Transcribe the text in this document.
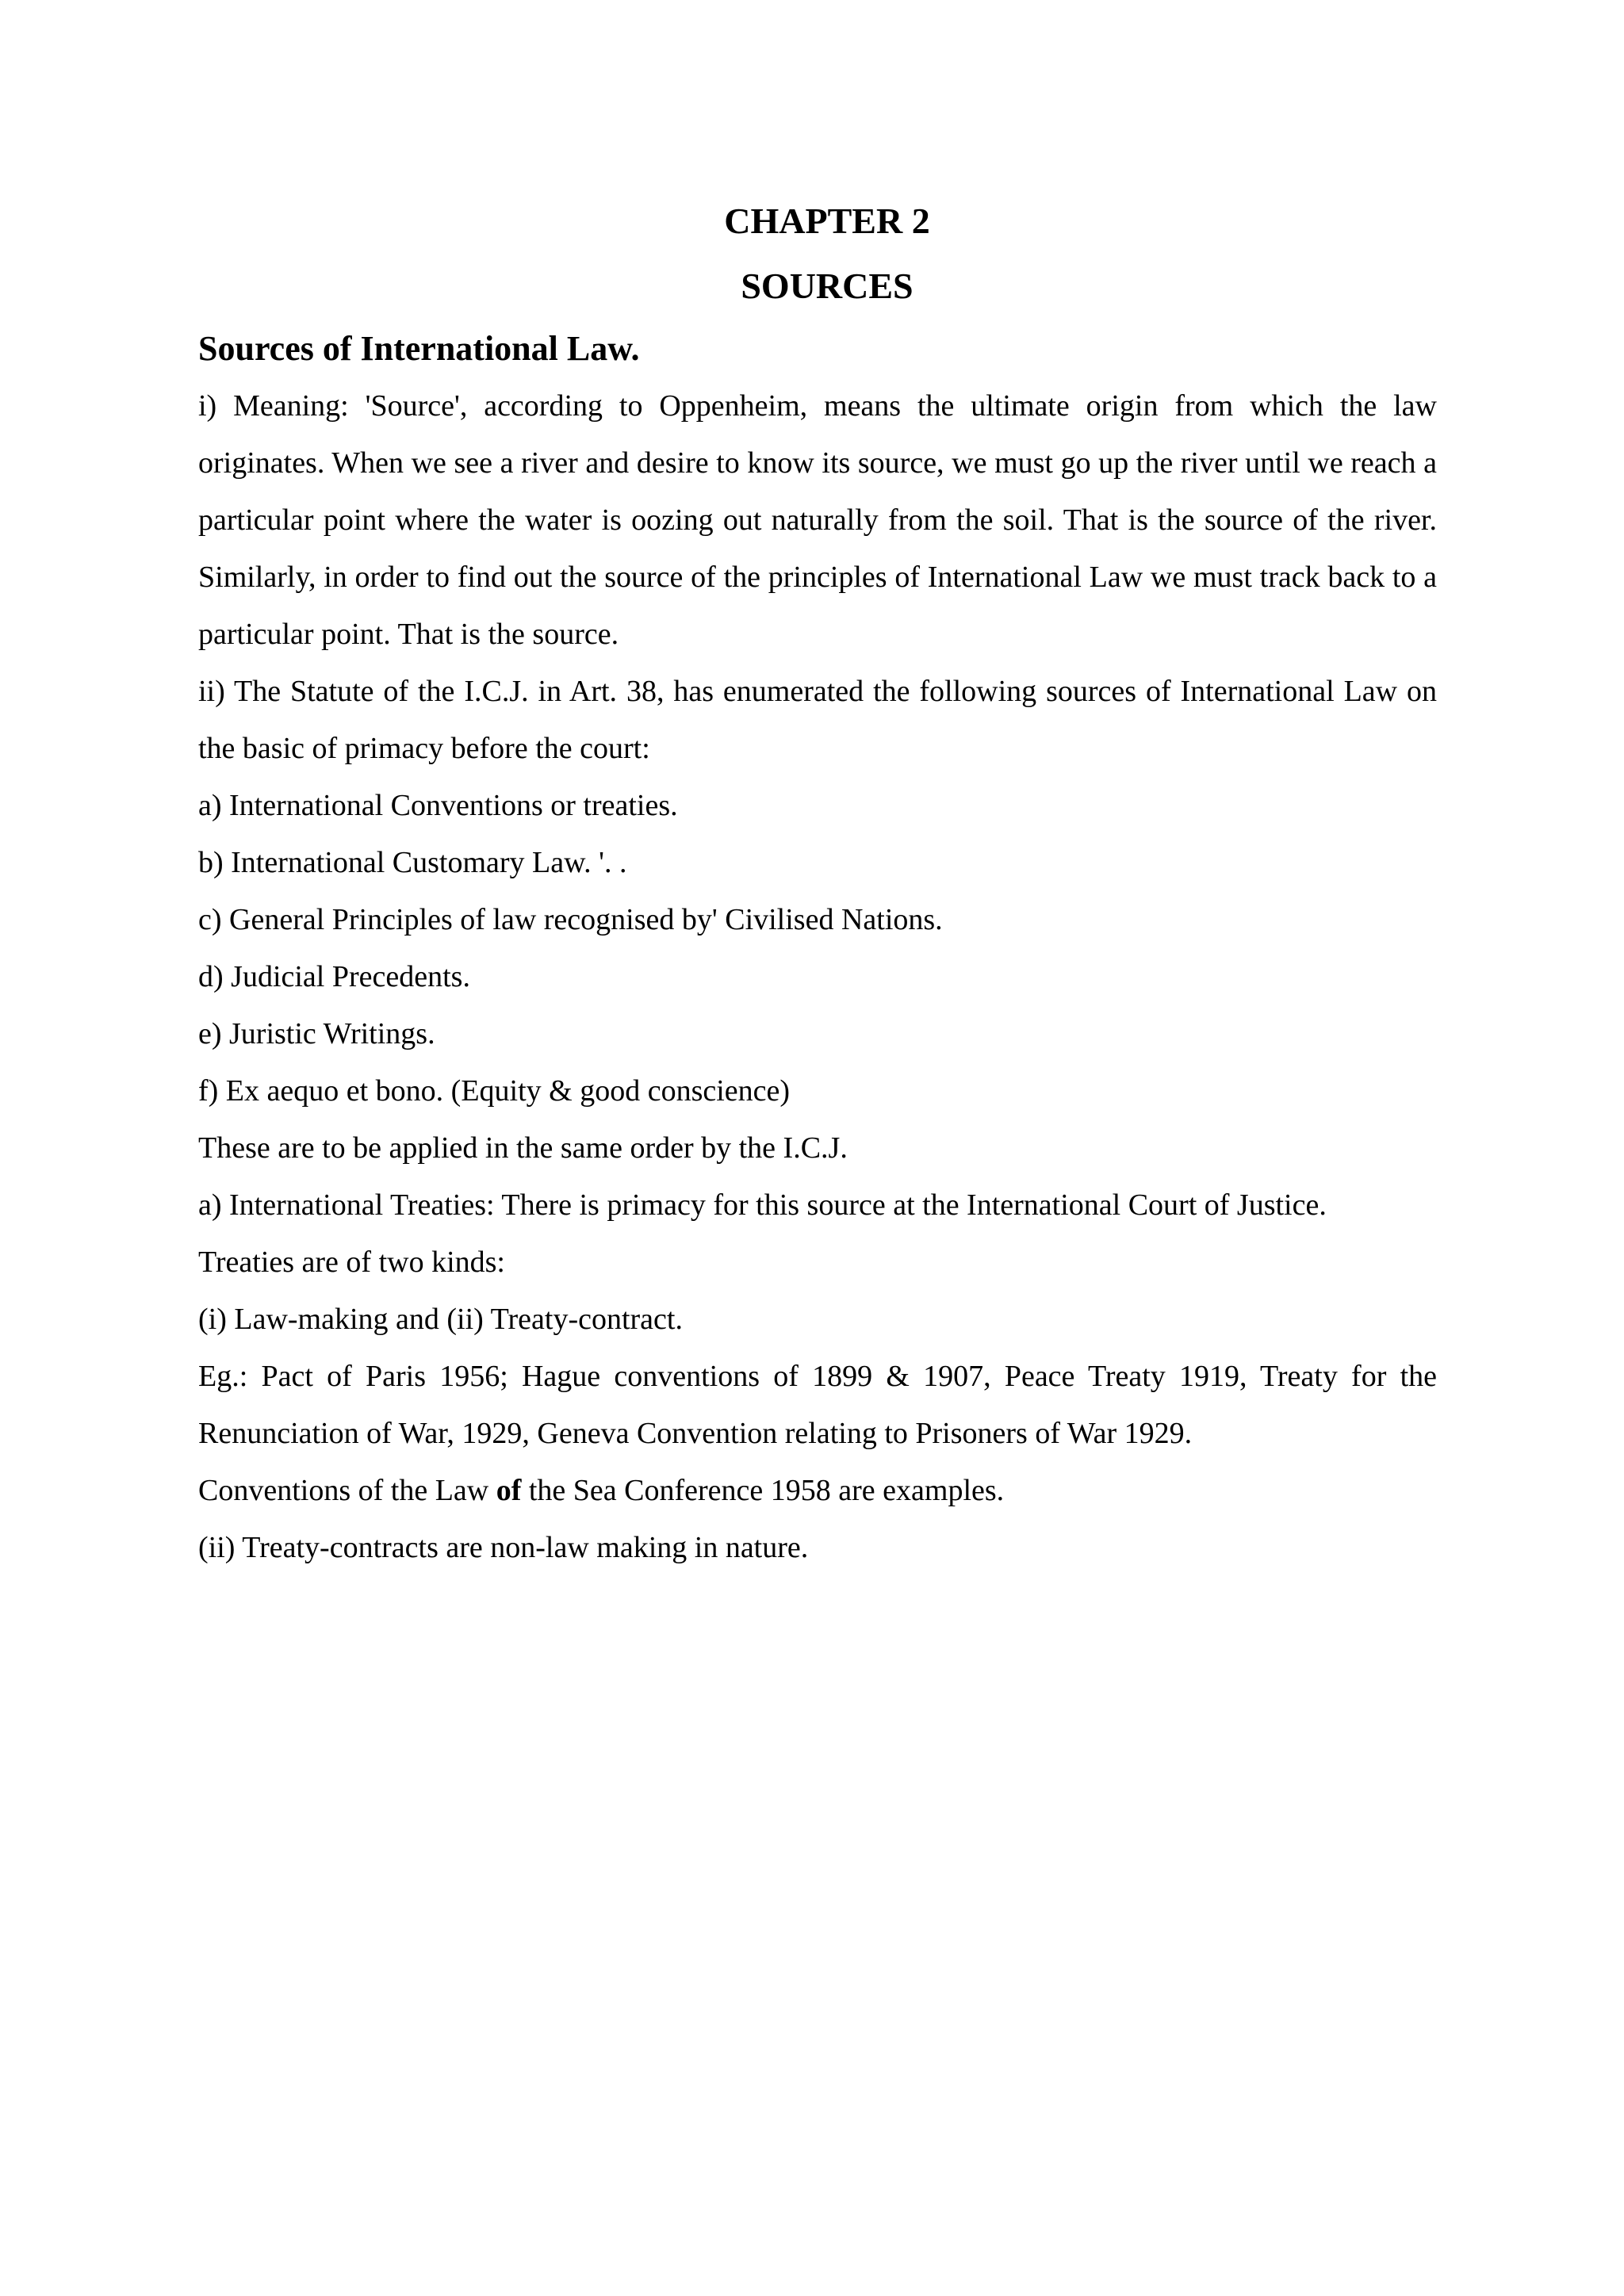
CHAPTER 2
SOURCES
Sources of International Law.

i) Meaning: 'Source', according to Oppenheim, means the ultimate origin from which the law originates. When we see a river and desire to know its source, we must go up the river until we reach a particular point where the water is oozing out naturally from the soil. That is the source of the river. Similarly, in order to find out the source of the principles of International Law we must track back to a particular point. That is the source.

ii) The Statute of the I.C.J. in Art. 38, has enumerated the following sources of International Law on the basic of primacy before the court:

a) International Conventions or treaties.

b) International Customary Law. '. .

c) General Principles of law recognised by' Civilised Nations.

d) Judicial Precedents.

e) Juristic Writings.

f) Ex aequo et bono. (Equity & good conscience)

These are to be applied in the same order by the I.C.J.

a) International Treaties: There is primacy for this source at the International Court of Justice.

Treaties are of two kinds:

(i) Law-making and (ii) Treaty-contract.

Eg.: Pact of Paris 1956; Hague conventions of 1899 & 1907, Peace Treaty 1919, Treaty for the Renunciation of War, 1929, Geneva Convention relating to Prisoners of War 1929.

Conventions of the Law of the Sea Conference 1958 are examples.

(ii) Treaty-contracts are non-law making in nature.
